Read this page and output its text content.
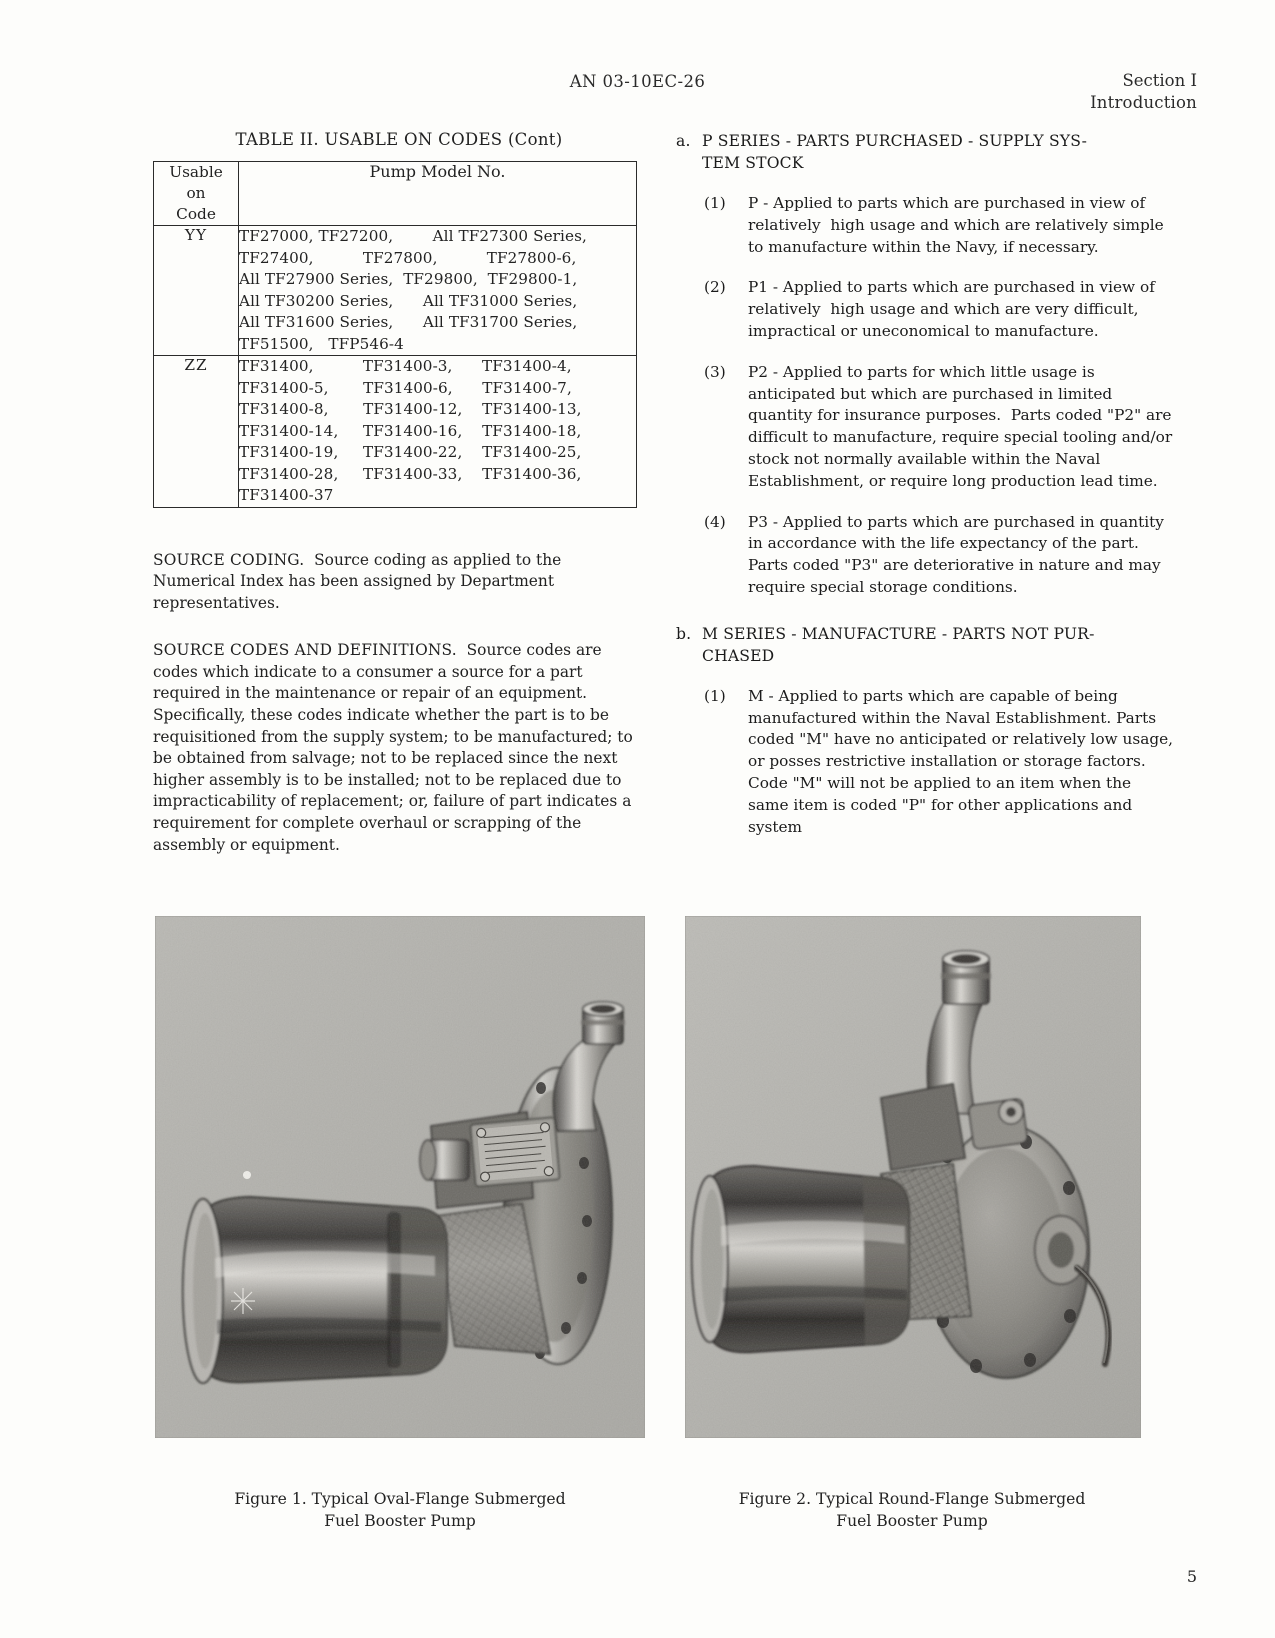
AN 03-10EC-26	Section I
Introduction
TABLE II. USABLE ON CODES (Cont)
Usable
on
Code	Pump Model No.
YY	TF27000, TF27200,        All TF27300 Series,
TF27400,          TF27800,          TF27800-6,
All TF27900 Series,  TF29800,  TF29800-1,
All TF30200 Series,      All TF31000 Series,
All TF31600 Series,      All TF31700 Series,
TF51500,   TFP546-4

ZZ	TF31400,          TF31400-3,      TF31400-4,
TF31400-5,       TF31400-6,      TF31400-7,
TF31400-8,       TF31400-12,    TF31400-13,
TF31400-14,     TF31400-16,    TF31400-18,
TF31400-19,     TF31400-22,    TF31400-25,
TF31400-28,     TF31400-33,    TF31400-36,
TF31400-37

SOURCE CODING.  Source coding as applied to the Numerical Index has been assigned by Department representatives.

SOURCE CODES AND DEFINITIONS.  Source codes are codes which indicate to a consumer a source for a part required in the maintenance or repair of an equipment.  Specifically, these codes indicate whether the part is to be requisitioned from the supply system; to be manufactured; to be obtained from salvage; not to be replaced since the next higher assembly is to be installed; not to be replaced due to impracticability of replacement; or, failure of part indicates a requirement for complete overhaul or scrapping of the assembly or equipment.

a. P SERIES - PARTS PURCHASED - SUPPLY SYS-
TEM STOCK
(1)	P - Applied to parts which are purchased in view of relatively  high usage and which are relatively simple to manufacture within the Navy, if necessary.
(2)	P1 - Applied to parts which are purchased in view of relatively  high usage and which are very difficult, impractical or uneconomical to manufacture.
(3)	P2 - Applied to parts for which little usage is anticipated but which are purchased in limited quantity for insurance purposes.  Parts coded "P2" are difficult to manufacture, require special tooling and/or stock not normally available within the Naval Establishment, or require long production lead time.
(4)	P3 - Applied to parts which are purchased in quantity in accordance with the life expectancy of the part.  Parts coded "P3" are deteriorative in nature and may require special storage conditions.
b. M SERIES - MANUFACTURE - PARTS NOT PUR-
CHASED
(1)	M - Applied to parts which are capable of being manufactured within the Naval Establishment. Parts coded "M" have no anticipated or relatively low usage, or posses restrictive installation or storage factors.  Code "M" will not be applied to an item when the same item is coded "P" for other applications and system
Figure 1. Typical Oval-Flange Submerged
Fuel Booster Pump
Figure 2. Typical Round-Flange Submerged
Fuel Booster Pump
5
